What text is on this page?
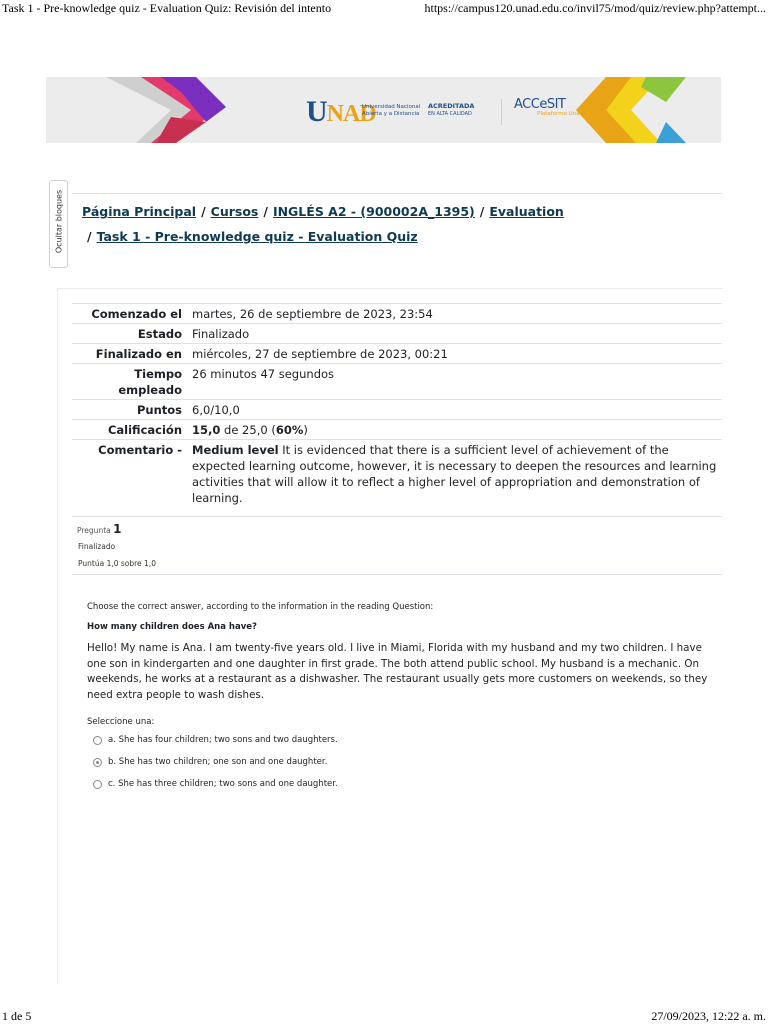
Task 1 - Pre-knowledge quiz - Evaluation Quiz: Revisión del intento	https://campus120.unad.edu.co/invil75/mod/quiz/review.php?attempt...
UNAD
Universidad Nacional
Abierta y a Distancia
ACREDITADA
EN ALTA CALIDAD
ACCeSIT
Plataforma Unad
Ocultar bloques Página Principal / Cursos / INGLÉS A2 - (900002A_1395) / Evaluation
/ Task 1 - Pre-knowledge quiz - Evaluation Quiz
Comenzado el	martes, 26 de septiembre de 2023, 23:54
Estado	Finalizado
Finalizado en	miércoles, 27 de septiembre de 2023, 00:21
Tiempo empleado	26 minutos 47 segundos
Puntos	6,0/10,0
Calificación	15,0 de 25,0 (60%)
Comentario -	Medium level It is evidenced that there is a sufficient level of achievement of the expected learning outcome, however, it is necessary to deepen the resources and learning activities that will allow it to reflect a higher level of appropriation and demonstration of learning.
Pregunta 1
Finalizado
Puntúa 1,0 sobre 1,0
Choose the correct answer, according to the information in the reading Question:
How many children does Ana have?
Hello! My name is Ana. I am twenty-five years old. I live in Miami, Florida with my husband and my two children. I have one son in kindergarten and one daughter in first grade. The both attend public school. My husband is a mechanic. On weekends, he works at a restaurant as a dishwasher. The restaurant usually gets more customers on weekends, so they need extra people to wash dishes.
Seleccione una:
a. She has four children; two sons and two daughters.
b. She has two children; one son and one daughter.
c. She has three children; two sons and one daughter.
1 de 5	27/09/2023, 12:22 a. m.
